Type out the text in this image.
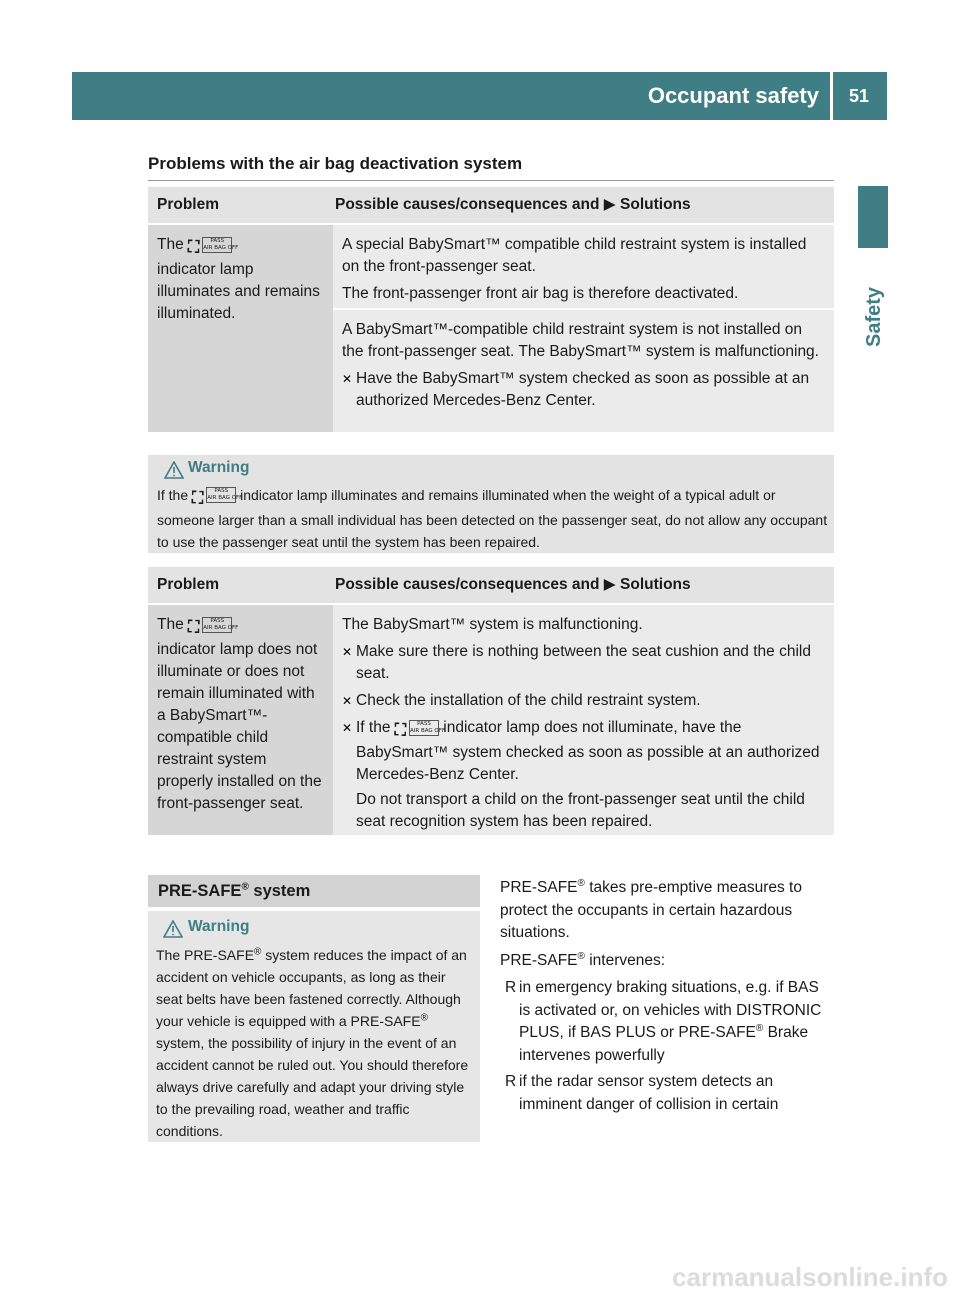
Occupant safety 51
Safety
Problems with the air bag deactivation system
Problem	Possible causes/consequences and ▶ Solutions
The ⛶ PASS
AIR BAG OFF
indicator lamp illuminates and remains illuminated.

A special BabySmart™ compatible child restraint system is installed on the front-passenger seat.

The front-passenger front air bag is therefore deactivated.

A BabySmart™-compatible child restraint system is not installed on the front-passenger seat. The BabySmart™ system is malfunctioning.

✕ Have the BabySmart™ system checked as soon as possible at an authorized Mercedes-Benz Center.
Warning
If the ⛶ PASS
AIR BAG OFF indicator lamp illuminates and remains illuminated when the weight of a typical adult or someone larger than a small individual has been detected on the passenger seat, do not allow any occupant to use the passenger seat until the system has been repaired.
Problem	Possible causes/consequences and ▶ Solutions
The ⛶ PASS
AIR BAG OFF
indicator lamp does not illuminate or does not remain illuminated with a BabySmart™-compatible child restraint system properly installed on the front-passenger seat.

The BabySmart™ system is malfunctioning.

✕ Make sure there is nothing between the seat cushion and the child seat.
✕ Check the installation of the child restraint system.
✕ If the ⛶ PASS
AIR BAG OFF indicator lamp does not illuminate, have the BabySmart™ system checked as soon as possible at an authorized Mercedes-Benz Center.
Do not transport a child on the front-passenger seat until the child seat recognition system has been repaired.
PRE-SAFE® system
Warning
The PRE-SAFE® system reduces the impact of an accident on vehicle occupants, as long as their seat belts have been fastened correctly. Although your vehicle is equipped with a PRE-SAFE® system, the possibility of injury in the event of an accident cannot be ruled out. You should therefore always drive carefully and adapt your driving style to the prevailing road, weather and traffic conditions.

PRE-SAFE® takes pre-emptive measures to protect the occupants in certain hazardous situations.

PRE-SAFE® intervenes:

R in emergency braking situations, e.g. if BAS is activated or, on vehicles with DISTRONIC PLUS, if BAS PLUS or PRE-SAFE® Brake intervenes powerfully
R if the radar sensor system detects an imminent danger of collision in certain
carmanualsonline.info
